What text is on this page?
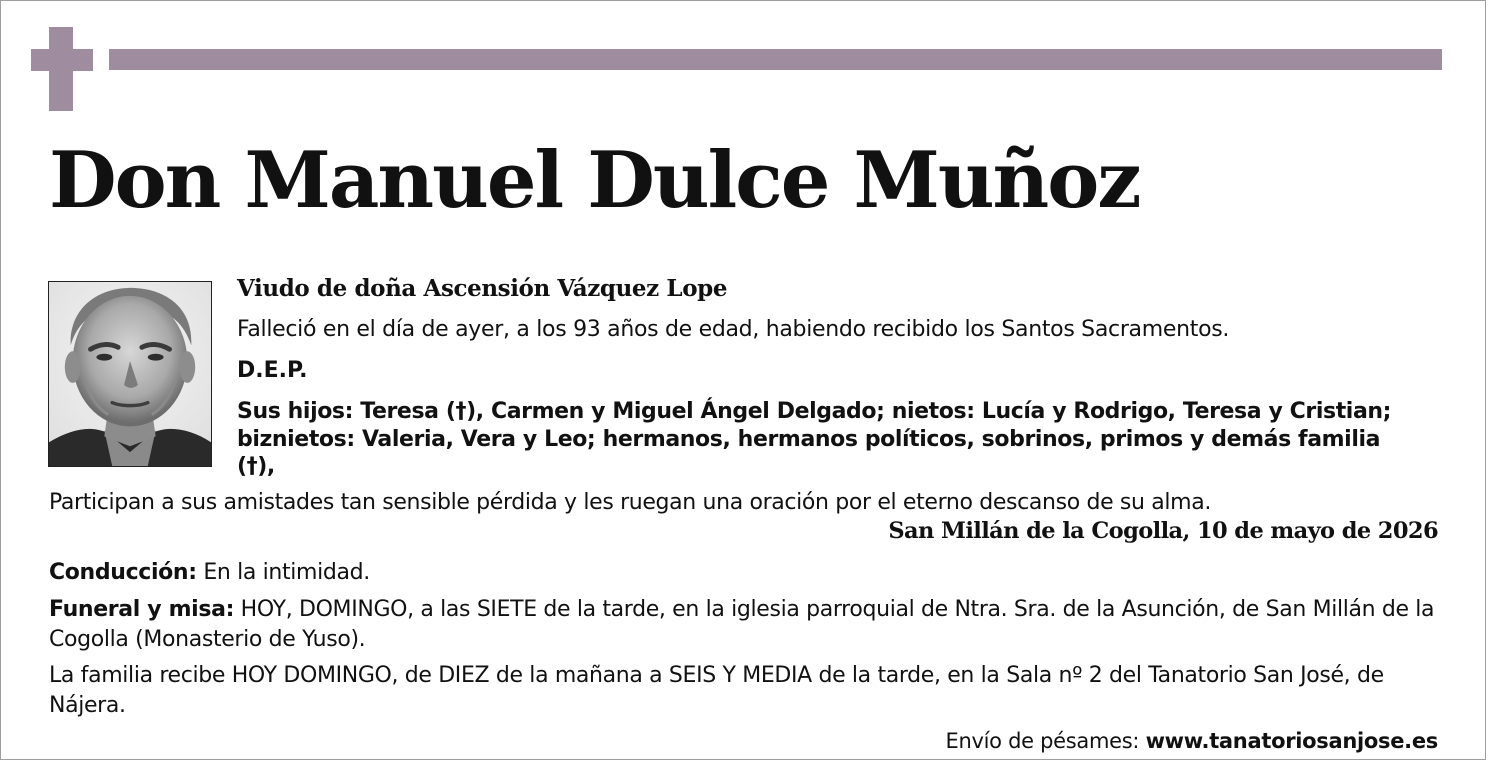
Don Manuel Dulce Muñoz

Viudo de doña Ascensión Vázquez Lope

Falleció en el día de ayer, a los 93 años de edad, habiendo recibido los Santos Sacramentos.

D.E.P.

Sus hijos: Teresa (†), Carmen y Miguel Ángel Delgado; nietos: Lucía y Rodrigo, Teresa y Cristian; biznietos: Valeria, Vera y Leo; hermanos, hermanos políticos, sobrinos, primos y demás familia (†),

Participan a sus amistades tan sensible pérdida y les ruegan una oración por el eterno descanso de su alma.

San Millán de la Cogolla, 10 de mayo de 2026

Conducción: En la intimidad.

Funeral y misa: HOY, DOMINGO, a las SIETE de la tarde, en la iglesia parroquial de Ntra. Sra. de la Asunción, de San Millán de la Cogolla (Monasterio de Yuso).

La familia recibe HOY DOMINGO, de DIEZ de la mañana a SEIS Y MEDIA de la tarde, en la Sala nº 2 del Tanatorio San José, de Nájera.

Envío de pésames: www.tanatoriosanjose.es
